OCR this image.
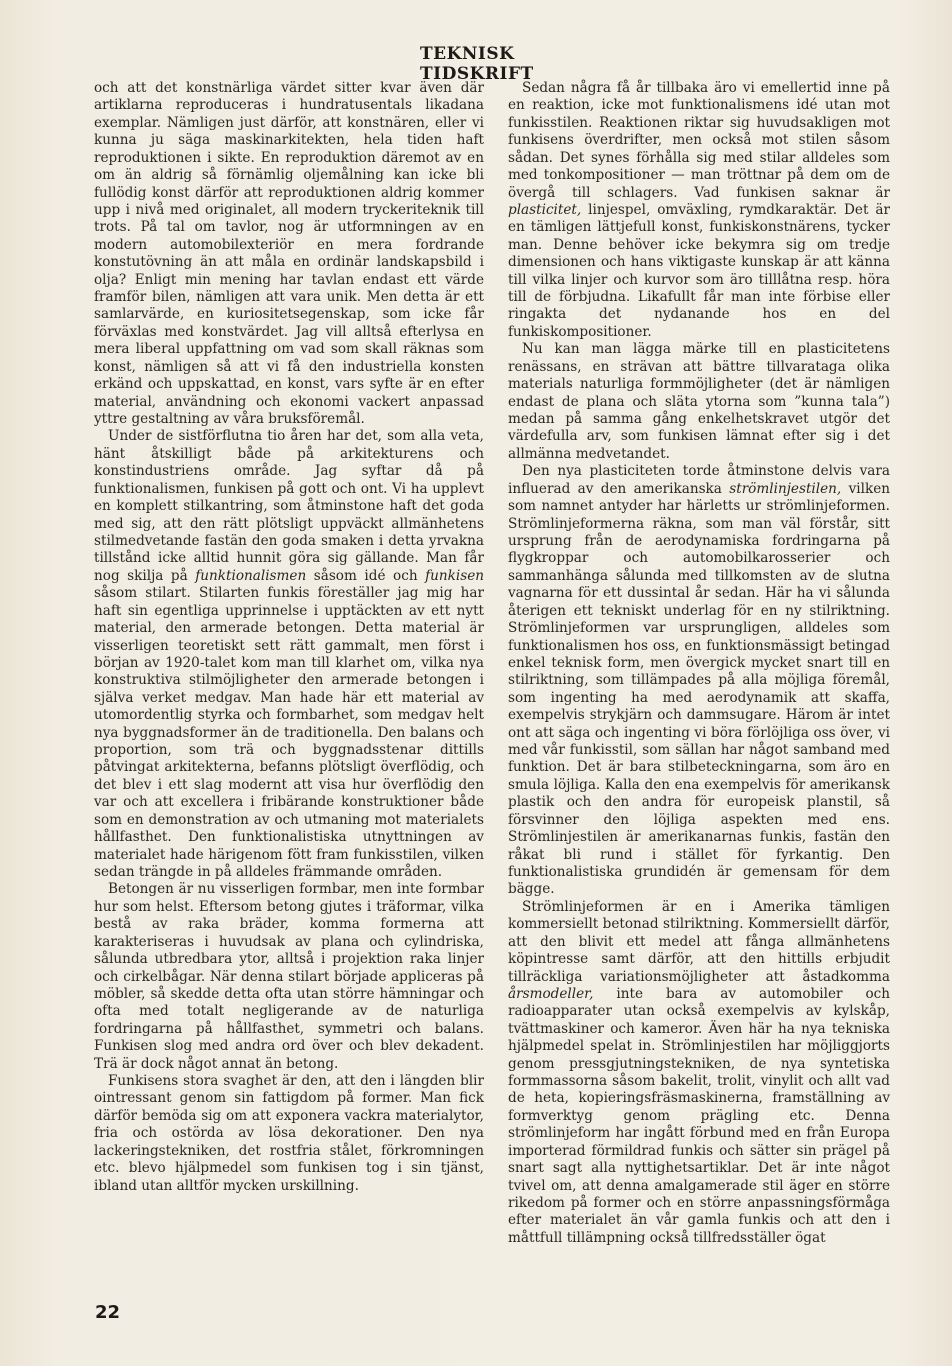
TEKNISK TIDSKRIFT

och att det konstnärliga värdet sitter kvar även där artiklarna reproduceras i hundratusentals likadana exemplar. Nämligen just därför, att konstnären, eller vi kunna ju säga maskinarkitekten, hela tiden haft reproduktionen i sikte. En reproduktion däremot av en om än aldrig så förnämlig oljemålning kan icke bli fullödig konst därför att reproduktionen aldrig kommer upp i nivå med originalet, all modern tryckeriteknik till trots. På tal om tavlor, nog är utformningen av en modern automobilexteriör en mera fordrande konstutövning än att måla en ordinär landskapsbild i olja? Enligt min mening har tavlan endast ett värde framför bilen, nämligen att vara unik. Men detta är ett samlarvärde, en kuriositetsegenskap, som icke får förväxlas med konstvärdet. Jag vill alltså efterlysa en mera liberal uppfattning om vad som skall räknas som konst, nämligen så att vi få den industriella konsten erkänd och uppskattad, en konst, vars syfte är en efter material, användning och ekonomi vackert anpassad yttre gestaltning av våra bruksföremål.

Under de sistförflutna tio åren har det, som alla veta, hänt åtskilligt både på arkitekturens och konstindustriens område. Jag syftar då på funktionalismen, funkisen på gott och ont. Vi ha upplevt en komplett stilkantring, som åtminstone haft det goda med sig, att den rätt plötsligt uppväckt allmänhetens stilmedvetande fastän den goda smaken i detta yrvakna tillstånd icke alltid hunnit göra sig gällande. Man får nog skilja på funktionalismen såsom idé och funkisen såsom stilart. Stilarten funkis föreställer jag mig har haft sin egentliga upprinnelse i upptäckten av ett nytt material, den armerade betongen. Detta material är visserligen teoretiskt sett rätt gammalt, men först i början av 1920-talet kom man till klarhet om, vilka nya konstruktiva stilmöjligheter den armerade betongen i själva verket medgav. Man hade här ett material av utomordentlig styrka och formbarhet, som medgav helt nya byggnadsformer än de traditionella. Den balans och proportion, som trä och byggnadsstenar dittills påtvingat arkitekterna, befanns plötsligt överflödig, och det blev i ett slag modernt att visa hur överflödig den var och att excellera i fribärande konstruktioner både som en demonstration av och utmaning mot materialets hållfasthet. Den funktionalistiska utnyttningen av materialet hade härigenom fött fram funkisstilen, vilken sedan trängde in på alldeles främmande områden.

Betongen är nu visserligen formbar, men inte formbar hur som helst. Eftersom betong gjutes i träformar, vilka bestå av raka bräder, komma formerna att karakteriseras i huvudsak av plana och cylindriska, sålunda utbredbara ytor, alltså i projektion raka linjer och cirkelbågar. När denna stilart började appliceras på möbler, så skedde detta ofta utan större hämningar och ofta med totalt negligerande av de naturliga fordringarna på hållfasthet, symmetri och balans. Funkisen slog med andra ord över och blev dekadent. Trä är dock något annat än betong.

Funkisens stora svaghet är den, att den i längden blir ointressant genom sin fattigdom på former. Man fick därför bemöda sig om att exponera vackra materialytor, fria och ostörda av lösa dekorationer. Den nya lackeringstekniken, det rostfria stålet, förkromningen etc. blevo hjälpmedel som funkisen tog i sin tjänst, ibland utan alltför mycken urskillning.

Sedan några få år tillbaka äro vi emellertid inne på en reaktion, icke mot funktionalismens idé utan mot funkisstilen. Reaktionen riktar sig huvudsakligen mot funkisens överdrifter, men också mot stilen såsom sådan. Det synes förhålla sig med stilar alldeles som med tonkompositioner — man tröttnar på dem om de övergå till schlagers. Vad funkisen saknar är plasticitet, linjespel, omväxling, rymdkaraktär. Det är en tämligen lättjefull konst, funkiskonstnärens, tycker man. Denne behöver icke bekymra sig om tredje dimensionen och hans viktigaste kunskap är att känna till vilka linjer och kurvor som äro tilllåtna resp. höra till de förbjudna. Likafullt får man inte förbise eller ringakta det nydanande hos en del funkiskompositioner.

Nu kan man lägga märke till en plasticitetens renässans, en strävan att bättre tillvarataga olika materials naturliga formmöjligheter (det är nämligen endast de plana och släta ytorna som ”kunna tala”) medan på samma gång enkelhetskravet utgör det värdefulla arv, som funkisen lämnat efter sig i det allmänna medvetandet.

Den nya plasticiteten torde åtminstone delvis vara influerad av den amerikanska strömlinjestilen, vilken som namnet antyder har härletts ur strömlinjeformen. Strömlinjeformerna räkna, som man väl förstår, sitt ursprung från de aerodynamiska fordringarna på flygkroppar och automobilkarosserier och sammanhänga sålunda med tillkomsten av de slutna vagnarna för ett dussintal år sedan. Här ha vi sålunda återigen ett tekniskt underlag för en ny stilriktning. Strömlinjeformen var ursprungligen, alldeles som funktionalismen hos oss, en funktionsmässigt betingad enkel teknisk form, men övergick mycket snart till en stilriktning, som tillämpades på alla möjliga föremål, som ingenting ha med aerodynamik att skaffa, exempelvis strykjärn och dammsugare. Härom är intet ont att säga och ingenting vi böra förlöjliga oss över, vi med vår funkisstil, som sällan har något samband med funktion. Det är bara stilbeteckningarna, som äro en smula löjliga. Kalla den ena exempelvis för amerikansk plastik och den andra för europeisk planstil, så försvinner den löjliga aspekten med ens. Strömlinjestilen är amerikanarnas funkis, fastän den råkat bli rund i stället för fyrkantig. Den funktionalistiska grundidén är gemensam för dem bägge.

Strömlinjeformen är en i Amerika tämligen kommersiellt betonad stilriktning. Kommersiellt därför, att den blivit ett medel att fånga allmänhetens köpintresse samt därför, att den hittills erbjudit tillräckliga variationsmöjligheter att åstadkomma årsmodeller, inte bara av automobiler och radioapparater utan också exempelvis av kylskåp, tvättmaskiner och kameror. Även här ha nya tekniska hjälpmedel spelat in. Strömlinjestilen har möjliggjorts genom pressgjutningstekniken, de nya syntetiska formmassorna såsom bakelit, trolit, vinylit och allt vad de heta, kopieringsfräsmaskinerna, framställning av formverktyg genom prägling etc. Denna strömlinjeform har ingått förbund med en från Europa importerad förmildrad funkis och sätter sin prägel på snart sagt alla nyttighetsartiklar. Det är inte något tvivel om, att denna amalgamerade stil äger en större rikedom på former och en större anpassningsförmåga efter materialet än vår gamla funkis och att den i måttfull tillämpning också tillfredsställer ögat

22
